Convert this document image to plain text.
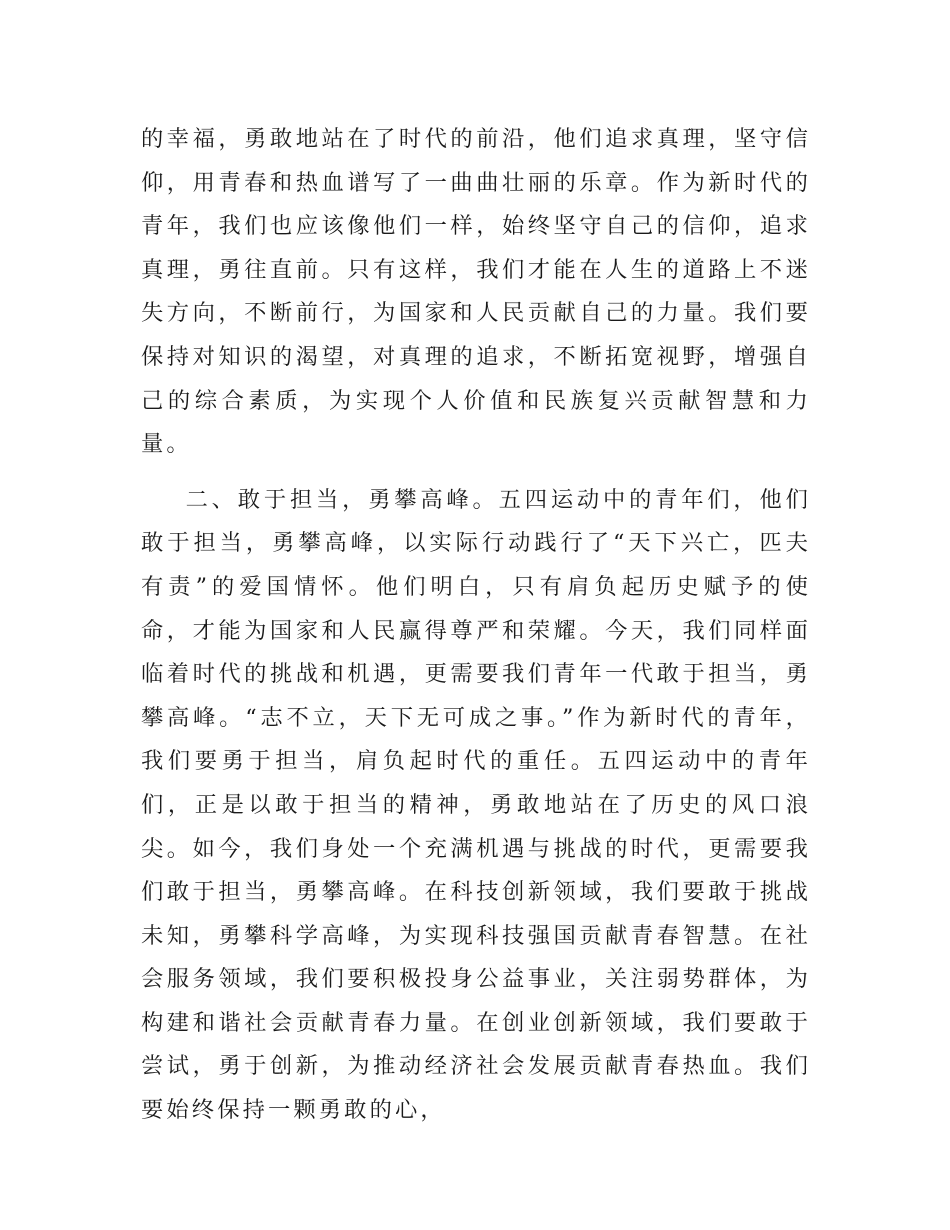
的幸福，勇敢地站在了时代的前沿，他们追求真理，坚守信仰，用青春和热血谱写了一曲曲壮丽的乐章。作为新时代的青年，我们也应该像他们一样，始终坚守自己的信仰，追求真理，勇往直前。只有这样，我们才能在人生的道路上不迷失方向，不断前行，为国家和人民贡献自己的力量。我们要保持对知识的渴望，对真理的追求，不断拓宽视野，增强自己的综合素质，为实现个人价值和民族复兴贡献智慧和力量。

二、敢于担当，勇攀高峰。五四运动中的青年们，他们敢于担当，勇攀高峰，以实际行动践行了“天下兴亡，匹夫有责”的爱国情怀。他们明白，只有肩负起历史赋予的使命，才能为国家和人民赢得尊严和荣耀。今天，我们同样面临着时代的挑战和机遇，更需要我们青年一代敢于担当，勇攀高峰。“志不立，天下无可成之事。”作为新时代的青年，我们要勇于担当，肩负起时代的重任。五四运动中的青年们，正是以敢于担当的精神，勇敢地站在了历史的风口浪尖。如今，我们身处一个充满机遇与挑战的时代，更需要我们敢于担当，勇攀高峰。在科技创新领域，我们要敢于挑战未知，勇攀科学高峰，为实现科技强国贡献青春智慧。在社会服务领域，我们要积极投身公益事业，关注弱势群体，为构建和谐社会贡献青春力量。在创业创新领域，我们要敢于尝试，勇于创新，为推动经济社会发展贡献青春热血。我们要始终保持一颗勇敢的心，
